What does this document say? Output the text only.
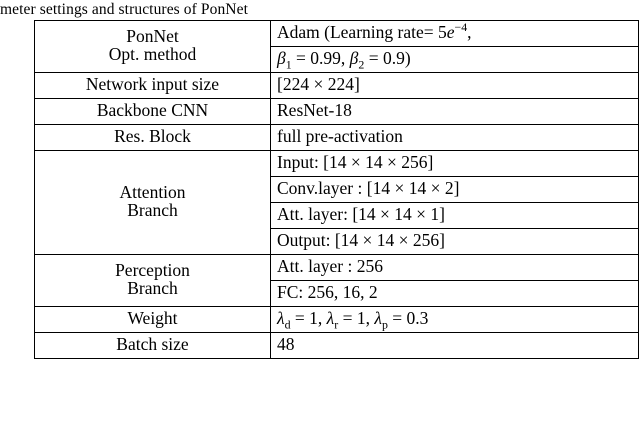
meter settings and structures of PonNet
PonNet
Opt. method	Adam (Learning rate= $5e^{-4}$,
	$\beta_1 = 0.99$, $\beta_2 = 0.9$)
Network input size	[224 × 224]
Backbone CNN	ResNet-18
Res. Block	full pre-activation

Attention
Branch	Input: [14 × 14 × 256]
	Conv.layer : [14 × 14 × 2]
	Att. layer: [14 × 14 × 1]
	Output: [14 × 14 × 256]

Perception
Branch	Att. layer : 256
	FC: 256, 16, 2
Weight	$\lambda_d = 1$, $\lambda_r = 1$, $\lambda_p = 0.3$
Batch size	48
